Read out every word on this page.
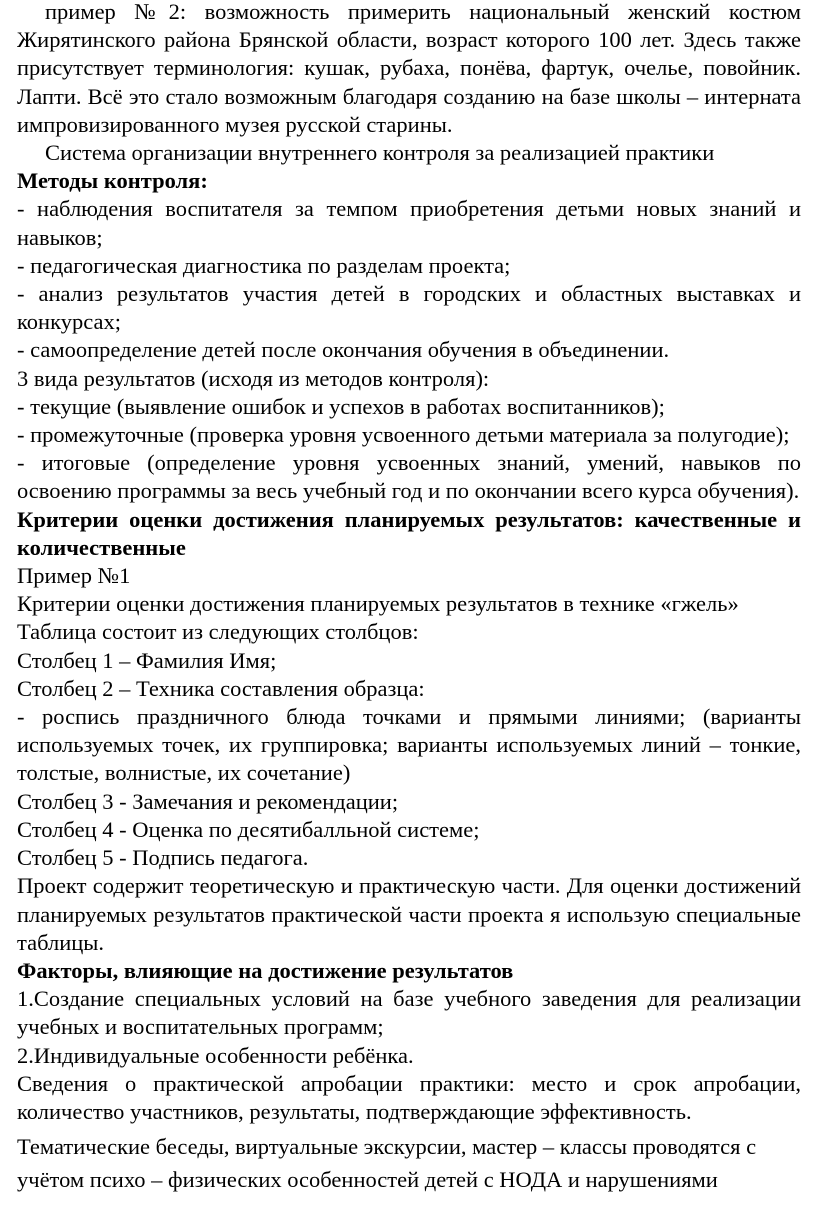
пример №2: возможность примерить национальный женский костюм Жирятинского района Брянской области, возраст которого 100 лет. Здесь также присутствует терминология: кушак, рубаха, понёва, фартук, очелье, повойник. Лапти. Всё это стало возможным благодаря созданию на базе школы – интерната импровизированного музея русской старины.

Система организации внутреннего контроля за реализацией практики

Методы контроля:

- наблюдения воспитателя за темпом приобретения детьми новых знаний и навыков;

- педагогическая диагностика по разделам проекта;

- анализ результатов участия детей в городских и областных выставках и конкурсах;

- самоопределение детей после окончания обучения в объединении.

3 вида результатов (исходя из методов контроля):

- текущие (выявление ошибок и успехов в работах воспитанников);

- промежуточные (проверка уровня усвоенного детьми материала за полугодие);

- итоговые (определение уровня усвоенных знаний, умений, навыков по освоению программы за весь учебный год и по окончании всего курса обучения).

Критерии оценки достижения планируемых результатов: качественные и количественные

Пример №1

Критерии оценки достижения планируемых результатов в технике «гжель»

Таблица состоит из следующих столбцов:

Столбец 1 – Фамилия Имя;

Столбец 2 – Техника составления образца:

- роспись праздничного блюда точками и прямыми линиями; (варианты используемых точек, их группировка; варианты используемых линий – тонкие, толстые, волнистые, их сочетание)

Столбец 3 - Замечания и рекомендации;

Столбец 4 - Оценка по десятибалльной системе;

Столбец 5 - Подпись педагога.

Проект содержит теоретическую и практическую части. Для оценки достижений планируемых результатов практической части проекта я использую специальные таблицы.

Факторы, влияющие на достижение результатов

1.Создание специальных условий на базе учебного заведения для реализации учебных и воспитательных программ;

2.Индивидуальные особенности ребёнка.

Сведения о практической апробации практики: место и срок апробации, количество участников, результаты, подтверждающие эффективность.

Тематические беседы, виртуальные экскурсии, мастер – классы проводятся с учётом психо – физических особенностей детей с НОДА и нарушениями
